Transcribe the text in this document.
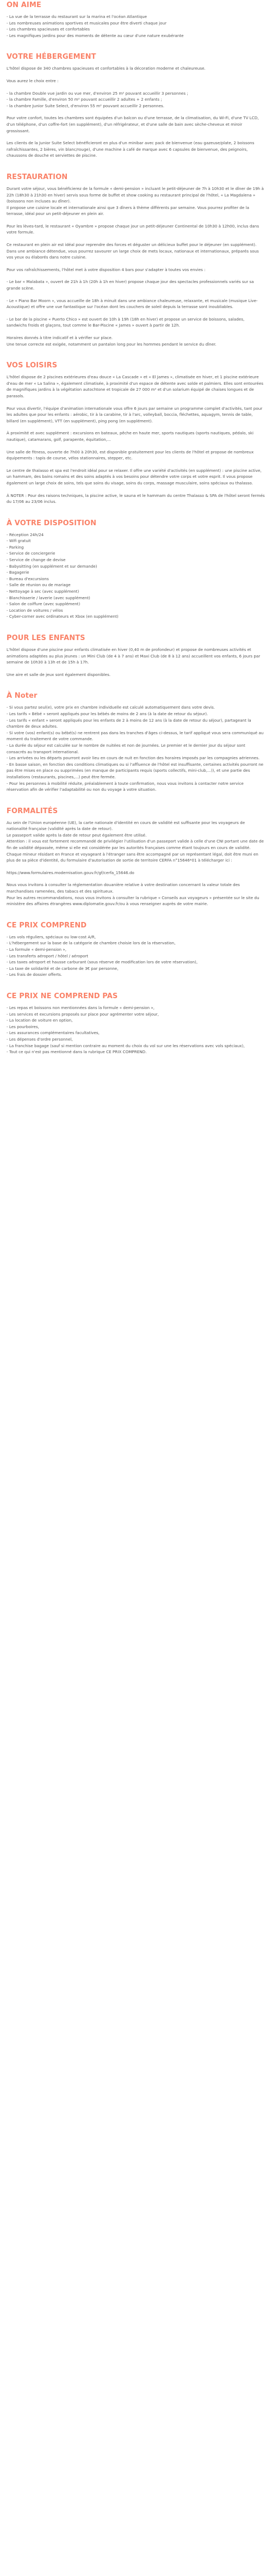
ON AIME

- La vue de la terrasse du restaurant sur la marina et l'océan Atlantique
- Les nombreuses animations sportives et musicales pour être diverti chaque jour
- Les chambres spacieuses et confortables
- Les magnifiques jardins pour des moments de détente au cœur d'une nature exubérante

VOTRE HÉBERGEMENT

L'hôtel dispose de 340 chambres spacieuses et confortables à la décoration moderne et chaleureuse.

Vous aurez le choix entre :

- la chambre Double vue jardin ou vue mer, d'environ 25 m² pouvant accueillir 3 personnes ;
- la chambre Famille, d'environ 50 m² pouvant accueillir 2 adultes + 2 enfants ;
- la chambre Junior Suite Select, d'environ 55 m² pouvant accueillir 2 personnes.

Pour votre confort, toutes les chambres sont équipées d'un balcon ou d'une terrasse, de la climatisation, du Wi-Fi, d'une TV LCD, d'un téléphone, d'un coffre-fort (en supplément), d'un réfrigérateur, et d'une salle de bain avec sèche-cheveux et miroir grossissant.

Les clients de la Junior Suite Select bénéficieront en plus d'un minibar avec pack de bienvenue (eau gazeuse/plate, 2 boissons rafraîchissantes, 2 bières, vin blanc/rouge), d'une machine à café de marque avec 6 capsules de bienvenue, des peignoirs, chaussons de douche et serviettes de piscine.

RESTAURATION

Durant votre séjour, vous bénéficierez de la formule « demi-pension » incluant le petit-déjeuner de 7h à 10h30 et le dîner de 19h à 22h (18h30 à 21h30 en hiver) servis sous forme de buffet et show cooking au restaurant principal de l'hôtel, « La Magdalena » (boissons non incluses au dîner).
Il propose une cuisine locale et internationale ainsi que 3 dîners à thème différents par semaine. Vous pourrez profiter de la terrasse, idéal pour un petit-déjeuner en plein air.

Pour les lèves-tard, le restaurant « Oyambre » propose chaque jour un petit-déjeuner Continental de 10h30 à 12h00, inclus dans votre formule.

Ce restaurant en plein air est idéal pour reprendre des forces et déguster un délicieux buffet pour le déjeuner (en supplément). Dans une ambiance détendue, vous pourrez savourer un large choix de mets locaux, nationaux et internationaux, préparés sous vos yeux ou élaborés dans notre cuisine.

Pour vos rafraîchissements, l'hôtel met à votre disposition 4 bars pour s'adapter à toutes vos envies :

- Le bar « Malabata », ouvert de 21h à 1h (20h à 1h en hiver) propose chaque jour des spectacles professionnels variés sur sa grande scène.

- Le « Piano Bar Moorn », vous accueille de 18h à minuit dans une ambiance chaleureuse, relaxante, et musicale (musique Live-Acoustique) et offre une vue fantastique sur l'océan dont les couchers de soleil depuis la terrasse sont inoubliables.

- Le bar de la piscine « Puerto Chico » est ouvert de 10h à 19h (18h en hiver) et propose un service de boissons, salades, sandwichs froids et glaçons, tout comme le Bar-Piscine « James » ouvert à partir de 12h.

Horaires donnés à titre indicatif et à vérifier sur place.
Une tenue correcte est exigée, notamment un pantalon long pour les hommes pendant le service du dîner.

VOS LOISIRS

L'hôtel dispose de 2 piscines extérieures d'eau douce « La Cascade » et « El James », climatisée en hiver, et 1 piscine extérieure d'eau de mer « La Salina », également climatisée, à proximité d'un espace de détente avec solde et palmiers. Elles sont entourées de magnifiques jardins à la végétation autochtone et tropicale de 27 000 m² et d'un solarium équipé de chaises longues et de parasols.

Pour vous divertir, l'équipe d'animation internationale vous offre 6 jours par semaine un programme complet d'activités, tant pour les adultes que pour les enfants : aérobic, tir à la carabine, tir à l'arc, volleyball, boccia, fléchettes, aquagym, tennis de table, billard (en supplément), VTT (en supplément), ping pong (en supplément).

À proximité et avec supplément : excursions en bateaux, pêche en haute mer, sports nautiques (sports nautiques, pédalo, ski nautique), catamarans, golf, parapente, équitation,...

Une salle de fitness, ouverte de 7h00 à 20h30, est disponible gratuitement pour les clients de l'hôtel et propose de nombreux équipements : tapis de course, vélos stationnaires, stepper, etc.

Le centre de thalasso et spa est l'endroit idéal pour se relaxer. Il offre une variété d'activités (en supplément) : une piscine active, un hammam, des bains romains et des soins adaptés à vos besoins pour détendre votre corps et votre esprit. Il vous propose également un large choix de soins, tels que soins du visage, soins du corps, massage musculaire, soins spéciaux ou thalasso.

À NOTER : Pour des raisons techniques, la piscine active, le sauna et le hammam du centre Thalasso & SPA de l'hôtel seront fermés du 17/06 au 23/06 inclus.

À VOTRE DISPOSITION

- Réception 24h/24
- Wifi gratuit
- Parking
- Service de conciergerie
- Service de change de devise
- Babysitting (en supplément et sur demande)
- Bagagerie
- Bureau d'excursions
- Salle de réunion ou de mariage
- Nettoyage à sec (avec supplément)
- Blanchisserie / laverie (avec supplément)
- Salon de coiffure (avec supplément)
- Location de voitures / vélos
- Cyber-corner avec ordinateurs et Xbox (en supplément)

POUR LES ENFANTS

L'hôtel dispose d'une piscine pour enfants climatisée en hiver (0,40 m de profondeur) et propose de nombreuses activités et animations adaptées au plus jeunes : un Mini Club (de 4 à 7 ans) et Maxi Club (de 8 à 12 ans) accueillent vos enfants, 6 jours par semaine de 10h30 à 13h et de 15h à 17h.

Une aire et salle de jeux sont également disponibles.

À Noter

- Si vous partez seul(e), votre prix en chambre individuelle est calculé automatiquement dans votre devis.
- Les tarifs « Bébé » seront appliqués pour les bébés de moins de 2 ans (à la date de retour du séjour).
- Les tarifs « enfant » seront appliqués pour les enfants de 2 à moins de 12 ans (à la date de retour du séjour), partageant la chambre de deux adultes.
- Si votre (vos) enfant(s) ou bébé(s) ne rentrent pas dans les tranches d'âges ci-dessus, le tarif appliqué vous sera communiqué au moment du traitement de votre commande.
- La durée du séjour est calculée sur le nombre de nuitées et non de journées. Le premier et le dernier jour du séjour sont consacrés au transport international.
- Les arrivées ou les départs pourront avoir lieu en cours de nuit en fonction des horaires imposés par les compagnies aériennes.
- En basse saison, en fonction des conditions climatiques ou si l'affluence de l'hôtel est insuffisante, certaines activités pourront ne pas être mises en place ou supprimées (en manque de participants requis (sports collectifs, mini-club,...)), et une partie des installations (restaurants, piscines,...) peut être fermée.
- Pour les personnes à mobilité réduite, préalablement à toute confirmation, nous vous invitons à contacter notre service réservation afin de vérifier l'adaptabilité ou non du voyage à votre situation.

FORMALITÉS

Au sein de l'Union européenne (UE), la carte nationale d'identité en cours de validité est suffisante pour les voyageurs de nationalité française (validité après la date de retour).
Le passeport valide après la date de retour peut également être utilisé.
Attention : il vous est fortement recommandé de privilégier l'utilisation d'un passeport valide à celle d'une CNI portant une date de fin de validité dépassée, même si elle est considérée par les autorités françaises comme étant toujours en cours de validité.
Chaque mineur résidant en France et voyageant à l'étranger sans être accompagné par un représentant légal, doit être muni en plus de sa pièce d'identité, du formulaire d'autorisation de sortie de territoire CERFA n°15646*01 à télécharger ici :

https://www.formulaires.modernisation.gouv.fr/gf/cerfa_15646.do

Nous vous invitons à consulter la réglementation douanière relative à votre destination concernant la valeur totale des marchandises ramenées, des tabacs et des spiritueux.
Pour les autres recommandations, nous vous invitons à consulter la rubrique « Conseils aux voyageurs » présentée sur le site du ministère des affaires étrangères www.diplomatie.gouv.fr/ou à vous renseigner auprès de votre mairie.

CE PRIX COMPREND

- Les vols réguliers, spéciaux ou low-cost A/R,
- L'hébergement sur la base de la catégorie de chambre choisie lors de la réservation,
- La formule « demi-pension »,
- Les transferts aéroport / hôtel / aéroport
- Les taxes aéroport et hausse carburant (sous réserve de modification lors de votre réservation),
- La taxe de solidarité et de carbone de 3€ par personne,
- Les frais de dossier offerts.

CE PRIX NE COMPREND PAS

- Les repas et boissons non mentionnées dans la formule « demi-pension »,
- Les services et excursions proposés sur place pour agrémenter votre séjour,
- La location de voiture en option,
- Les pourboires,
- Les assurances complémentaires facultatives,
- Les dépenses d'ordre personnel,
- La franchise bagage (sauf si mention contraire au moment du choix du vol sur une les réservations avec vols spéciaux),
- Tout ce qui n'est pas mentionné dans la rubrique CE PRIX COMPREND.
